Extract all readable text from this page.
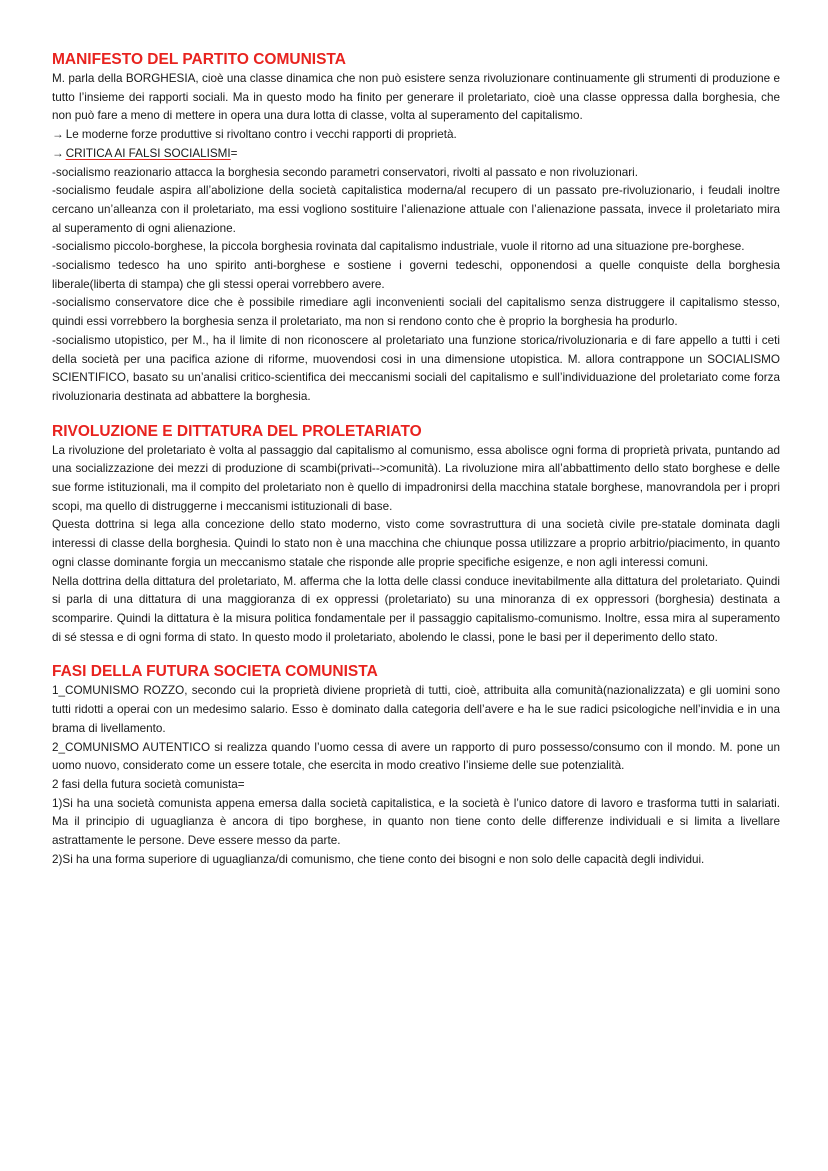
MANIFESTO DEL PARTITO COMUNISTA

M. parla della BORGHESIA, cioè una classe dinamica che non può esistere senza rivoluzionare continuamente gli strumenti di produzione e tutto l’insieme dei rapporti sociali. Ma in questo modo ha finito per generare il proletariato, cioè una classe oppressa dalla borghesia, che non può fare a meno di mettere in opera una dura lotta di classe, volta al superamento del capitalismo.

→ Le moderne forze produttive si rivoltano contro i vecchi rapporti di proprietà.

→ CRITICA AI FALSI SOCIALISMI=

-socialismo reazionario attacca la borghesia secondo parametri conservatori, rivolti al passato e non rivoluzionari.

-socialismo feudale aspira all’abolizione della società capitalistica moderna/al recupero di un passato pre-rivoluzionario, i feudali inoltre cercano un’alleanza con il proletariato, ma essi vogliono sostituire l’alienazione attuale con l’alienazione passata, invece il proletariato mira al superamento di ogni alienazione.

-socialismo piccolo-borghese, la piccola borghesia rovinata dal capitalismo industriale, vuole il ritorno ad una situazione pre-borghese.

-socialismo tedesco ha uno spirito anti-borghese e sostiene i governi tedeschi, opponendosi a quelle conquiste della borghesia liberale(liberta di stampa) che gli stessi operai vorrebbero avere.

-socialismo conservatore dice che è possibile rimediare agli inconvenienti sociali del capitalismo senza distruggere il capitalismo stesso, quindi essi vorrebbero la borghesia senza il proletariato, ma non si rendono conto che è proprio la borghesia ha produrlo.

-socialismo utopistico, per M., ha il limite di non riconoscere al proletariato una funzione storica/rivoluzionaria e di fare appello a tutti i ceti della società per una pacifica azione di riforme, muovendosi cosi in una dimensione utopistica. M. allora contrappone un SOCIALISMO SCIENTIFICO, basato su un’analisi critico-scientifica dei meccanismi sociali del capitalismo e sull’individuazione del proletariato come forza rivoluzionaria destinata ad abbattere la borghesia.

RIVOLUZIONE E DITTATURA DEL PROLETARIATO

La rivoluzione del proletariato è volta al passaggio dal capitalismo al comunismo, essa abolisce ogni forma di proprietà privata, puntando ad una socializzazione dei mezzi di produzione di scambi(privati-->comunità). La rivoluzione mira all’abbattimento dello stato borghese e delle sue forme istituzionali, ma il compito del proletariato non è quello di impadronirsi della macchina statale borghese, manovrandola per i propri scopi, ma quello di distruggerne i meccanismi istituzionali di base.

Questa dottrina si lega alla concezione dello stato moderno, visto come sovrastruttura di una società civile pre-statale dominata dagli interessi di classe della borghesia. Quindi lo stato non è una macchina che chiunque possa utilizzare a proprio arbitrio/piacimento, in quanto ogni classe dominante forgia un meccanismo statale che risponde alle proprie specifiche esigenze, e non agli interessi comuni.

Nella dottrina della dittatura del proletariato, M. afferma che la lotta delle classi conduce inevitabilmente alla dittatura del proletariato. Quindi si parla di una dittatura di una maggioranza di ex oppressi (proletariato) su una minoranza di ex oppressori (borghesia) destinata a scomparire. Quindi la dittatura è la misura politica fondamentale per il passaggio capitalismo-comunismo. Inoltre, essa mira al superamento di sé stessa e di ogni forma di stato. In questo modo il proletariato, abolendo le classi, pone le basi per il deperimento dello stato.

FASI DELLA FUTURA SOCIETA COMUNISTA

1_COMUNISMO ROZZO, secondo cui la proprietà diviene proprietà di tutti, cioè, attribuita alla comunità(nazionalizzata) e gli uomini sono tutti ridotti a operai con un medesimo salario. Esso è dominato dalla categoria dell’avere e ha le sue radici psicologiche nell’invidia e in una brama di livellamento.

2_COMUNISMO AUTENTICO si realizza quando l’uomo cessa di avere un rapporto di puro possesso/consumo con il mondo. M. pone un uomo nuovo, considerato come un essere totale, che esercita in modo creativo l’insieme delle sue potenzialità.

2 fasi della futura società comunista=

1)Si ha una società comunista appena emersa dalla società capitalistica, e la società è l’unico datore di lavoro e trasforma tutti in salariati. Ma il principio di uguaglianza è ancora di tipo borghese, in quanto non tiene conto delle differenze individuali e si limita a livellare astrattamente le persone. Deve essere messo da parte.

2)Si ha una forma superiore di uguaglianza/di comunismo, che tiene conto dei bisogni e non solo delle capacità degli individui.
